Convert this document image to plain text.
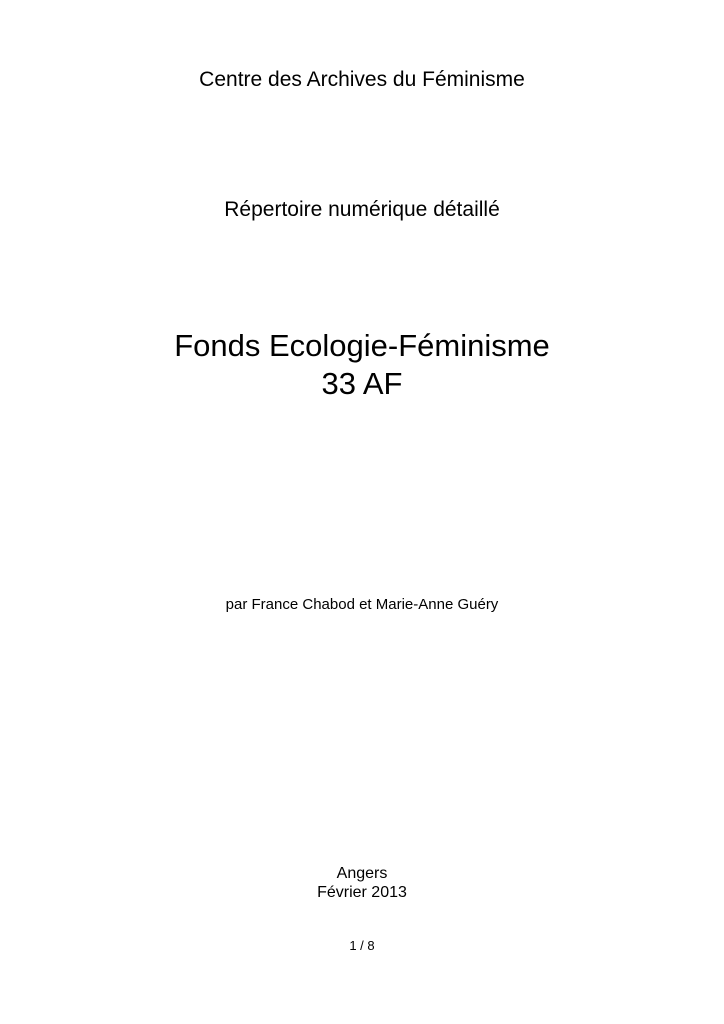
Centre des Archives du Féminisme
Répertoire numérique détaillé
Fonds Ecologie-Féminisme
33 AF
par France Chabod et Marie-Anne Guéry
Angers
Février 2013
1 / 8
